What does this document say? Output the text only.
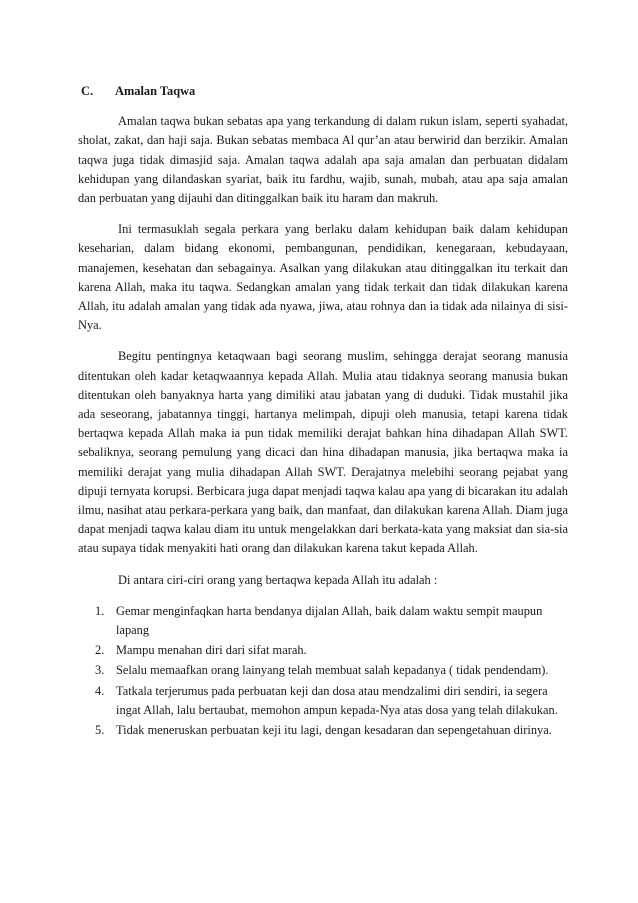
C. Amalan Taqwa

Amalan taqwa bukan sebatas apa yang terkandung di dalam rukun islam, seperti syahadat, sholat, zakat, dan haji saja. Bukan sebatas membaca Al qur’an atau berwirid dan berzikir. Amalan taqwa juga tidak dimasjid saja. Amalan taqwa adalah apa saja amalan dan perbuatan didalam kehidupan yang dilandaskan syariat, baik itu fardhu, wajib, sunah, mubah, atau apa saja amalan dan perbuatan yang dijauhi dan ditinggalkan baik itu haram dan makruh.

Ini termasuklah segala perkara yang berlaku dalam kehidupan baik dalam kehidupan keseharian, dalam bidang ekonomi, pembangunan, pendidikan, kenegaraan, kebudayaan, manajemen, kesehatan dan sebagainya. Asalkan yang dilakukan atau ditinggalkan itu terkait dan karena Allah, maka itu taqwa. Sedangkan amalan yang tidak terkait dan tidak dilakukan karena Allah, itu adalah amalan yang tidak ada nyawa, jiwa, atau rohnya dan ia tidak ada nilainya di sisi-Nya.

Begitu pentingnya ketaqwaan bagi seorang muslim, sehingga derajat seorang manusia ditentukan oleh kadar ketaqwaannya kepada Allah. Mulia atau tidaknya seorang manusia bukan ditentukan oleh banyaknya harta yang dimiliki atau jabatan yang di duduki. Tidak mustahil jika ada seseorang, jabatannya tinggi, hartanya melimpah, dipuji oleh manusia, tetapi karena tidak bertaqwa kepada Allah maka ia pun tidak memiliki derajat bahkan hina dihadapan Allah SWT. sebaliknya, seorang pemulung yang dicaci dan hina dihadapan manusia, jika bertaqwa maka ia memiliki derajat yang mulia dihadapan Allah SWT. Derajatnya melebihi seorang pejabat yang dipuji ternyata korupsi. Berbicara juga dapat menjadi taqwa kalau apa yang di bicarakan itu adalah ilmu, nasihat atau perkara-perkara yang baik, dan manfaat, dan dilakukan karena Allah. Diam juga dapat menjadi taqwa kalau diam itu untuk mengelakkan dari berkata-kata yang maksiat dan sia-sia atau supaya tidak menyakiti hati orang dan dilakukan karena takut kepada Allah.

Di antara ciri-ciri orang yang bertaqwa kepada Allah itu adalah :

1. Gemar menginfaqkan harta bendanya dijalan Allah, baik dalam waktu sempit maupun lapang
2. Mampu menahan diri dari sifat marah.
3. Selalu memaafkan orang lainyang telah membuat salah kepadanya ( tidak pendendam).
4. Tatkala terjerumus pada perbuatan keji dan dosa atau mendzalimi diri sendiri, ia segera ingat Allah, lalu bertaubat, memohon ampun kepada-Nya atas dosa yang telah dilakukan.
5. Tidak meneruskan perbuatan keji itu lagi, dengan kesadaran dan sepengetahuan dirinya.
